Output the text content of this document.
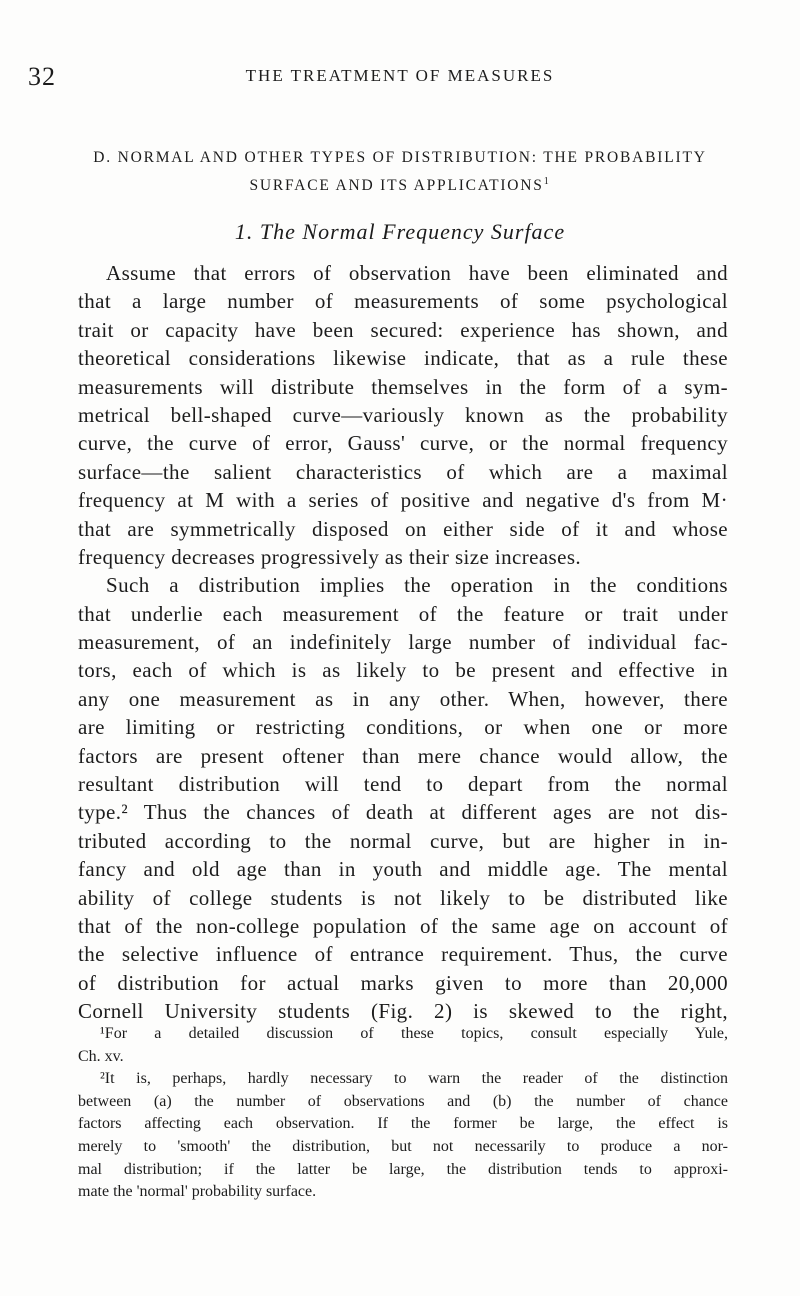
32	THE TREATMENT OF MEASURES
D. NORMAL AND OTHER TYPES OF DISTRIBUTION: THE PROBABILITY
SURFACE AND ITS APPLICATIONS$^1$
1. The Normal Frequency Surface
Assume that errors of observation have been eliminated and
that a large number of measurements of some psychological
trait or capacity have been secured: experience has shown, and
theoretical considerations likewise indicate, that as a rule these
measurements will distribute themselves in the form of a sym-
metrical bell-shaped curve—variously known as the probability
curve, the curve of error, Gauss' curve, or the normal frequency
surface—the salient characteristics of which are a maximal
frequency at M with a series of positive and negative d's from M·
that are symmetrically disposed on either side of it and whose
frequency decreases progressively as their size increases.
Such a distribution implies the operation in the conditions
that underlie each measurement of the feature or trait under
measurement, of an indefinitely large number of individual fac-
tors, each of which is as likely to be present and effective in
any one measurement as in any other. When, however, there
are limiting or restricting conditions, or when one or more
factors are present oftener than mere chance would allow, the
resultant distribution will tend to depart from the normal
type.² Thus the chances of death at different ages are not dis-
tributed according to the normal curve, but are higher in in-
fancy and old age than in youth and middle age. The mental
ability of college students is not likely to be distributed like
that of the non-college population of the same age on account of
the selective influence of entrance requirement. Thus, the curve
of distribution for actual marks given to more than 20,000
Cornell University students (Fig. 2) is skewed to the right,
¹For a detailed discussion of these topics, consult especially Yule,
Ch. xv.
²It is, perhaps, hardly necessary to warn the reader of the distinction
between (a) the number of observations and (b) the number of chance
factors affecting each observation. If the former be large, the effect is
merely to 'smooth' the distribution, but not necessarily to produce a nor-
mal distribution; if the latter be large, the distribution tends to approxi-
mate the 'normal' probability surface.
